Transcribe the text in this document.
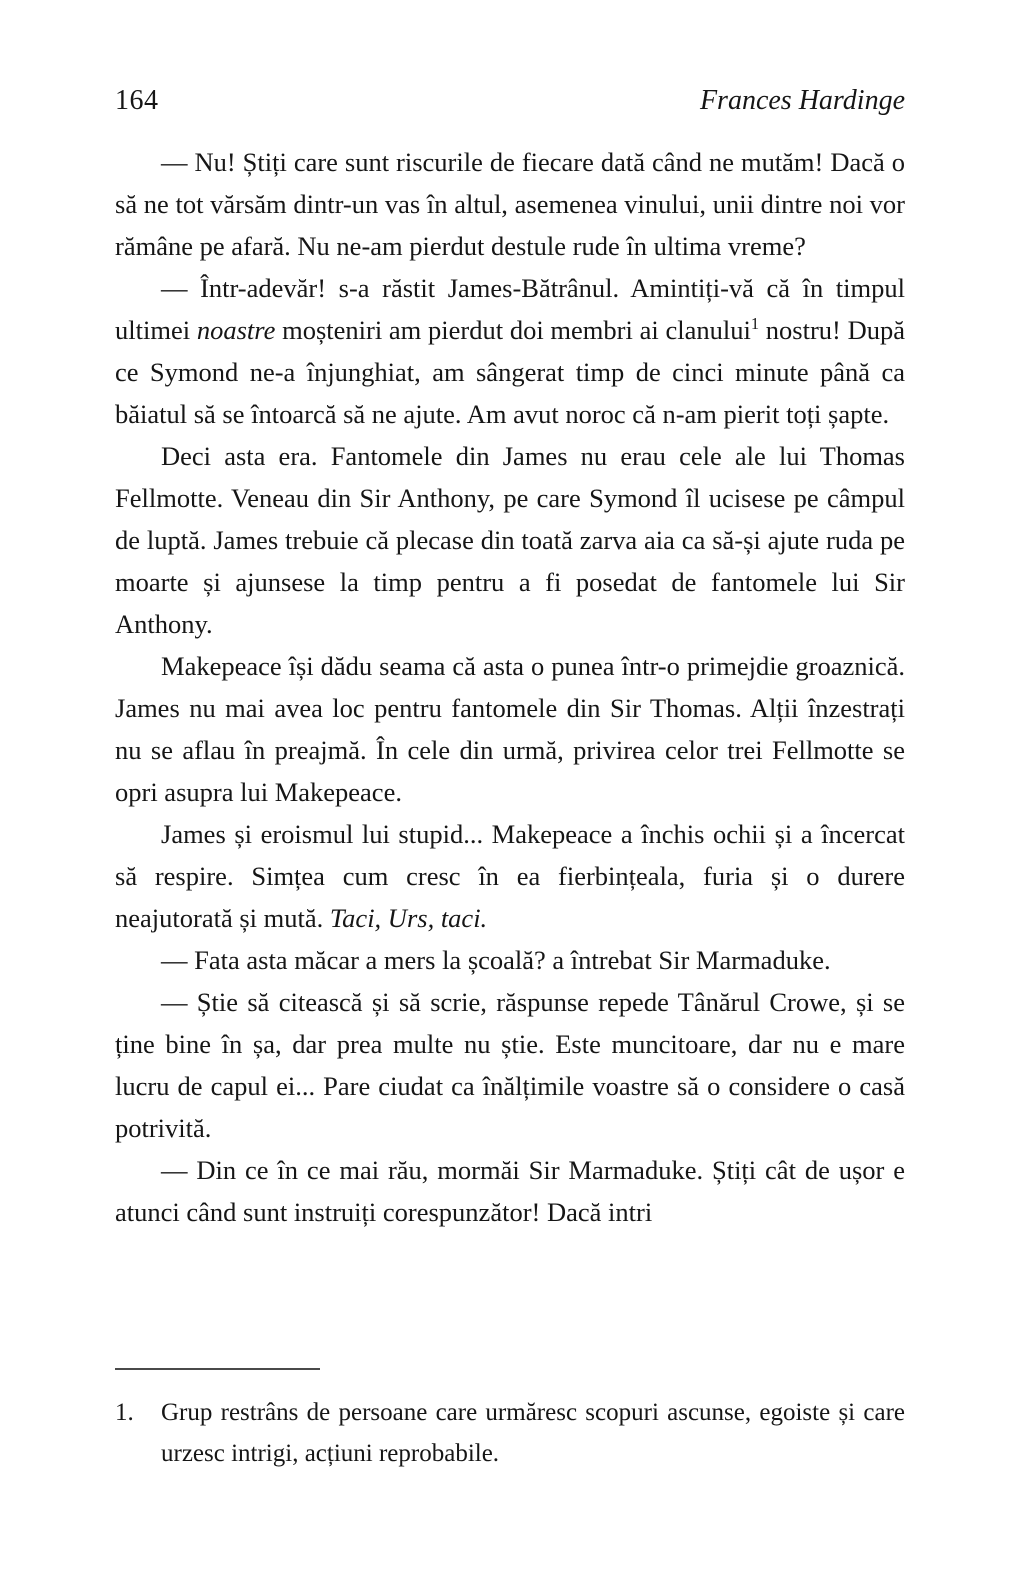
164	Frances Hardinge

— Nu! Știți care sunt riscurile de fiecare dată când ne mutăm! Dacă o să ne tot vărsăm dintr-un vas în altul, asemenea vinului, unii dintre noi vor rămâne pe afară. Nu ne-am pierdut destule rude în ultima vreme?

— Într-adevăr! s-a răstit James-Bătrânul. Amintiți-vă că în timpul ultimei noastre moșteniri am pierdut doi membri ai clanului$^1$ nostru! După ce Symond ne-a înjunghiat, am sângerat timp de cinci minute până ca băiatul să se întoarcă să ne ajute. Am avut noroc că n-am pierit toți șapte.

Deci asta era. Fantomele din James nu erau cele ale lui Thomas Fellmotte. Veneau din Sir Anthony, pe care Symond îl ucisese pe câmpul de luptă. James trebuie că plecase din toată zarva aia ca să-și ajute ruda pe moarte și ajunsese la timp pentru a fi posedat de fantomele lui Sir Anthony.

Makepeace își dădu seama că asta o punea într-o primejdie groaznică. James nu mai avea loc pentru fantomele din Sir Thomas. Alții înzestrați nu se aflau în preajmă. În cele din urmă, privirea celor trei Fellmotte se opri asupra lui Makepeace.

James și eroismul lui stupid... Makepeace a închis ochii și a încercat să respire. Simțea cum cresc în ea fierbințeala, furia și o durere neajutorată și mută. Taci, Urs, taci.

— Fata asta măcar a mers la școală? a întrebat Sir Marmaduke.

— Știe să citească și să scrie, răspunse repede Tânărul Crowe, și se ține bine în șa, dar prea multe nu știe. Este muncitoare, dar nu e mare lucru de capul ei... Pare ciudat ca înălțimile voastre să o considere o casă potrivită.

— Din ce în ce mai rău, mormăi Sir Marmaduke. Știți cât de ușor e atunci când sunt instruiți corespunzător! Dacă intri

1.	Grup restrâns de persoane care urmăresc scopuri ascunse, egoiste și care urzesc intrigi, acțiuni reprobabile.
